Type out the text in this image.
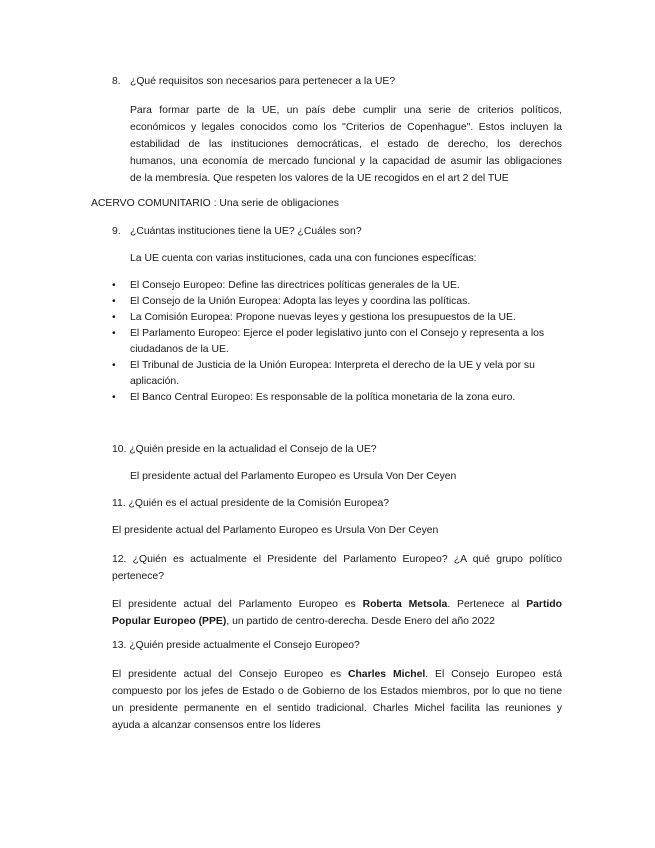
8. ¿Qué requisitos son necesarios para pertenecer a la UE?
Para formar parte de la UE, un país debe cumplir una serie de criterios políticos,
económicos y legales conocidos como los "Criterios de Copenhague". Estos incluyen la
estabilidad de las instituciones democráticas, el estado de derecho, los derechos
humanos, una economía de mercado funcional y la capacidad de asumir las obligaciones
de la membresía. Que respeten los valores de la UE recogidos en el art 2 del TUE
ACERVO COMUNITARIO : Una serie de obligaciones
9. ¿Cuántas instituciones tiene la UE? ¿Cuáles son?
La UE cuenta con varias instituciones, cada una con funciones específicas:
• El Consejo Europeo: Define las directrices políticas generales de la UE.
• El Consejo de la Unión Europea: Adopta las leyes y coordina las políticas.
• La Comisión Europea: Propone nuevas leyes y gestiona los presupuestos de la UE.
• El Parlamento Europeo: Ejerce el poder legislativo junto con el Consejo y representa a los ciudadanos de la UE.
• El Tribunal de Justicia de la Unión Europea: Interpreta el derecho de la UE y vela por su aplicación.
• El Banco Central Europeo: Es responsable de la política monetaria de la zona euro.
10. ¿Quién preside en la actualidad el Consejo de la UE?
El presidente actual del Parlamento Europeo es Ursula Von Der Ceyen
11. ¿Quién es el actual presidente de la Comisión Europea?
El presidente actual del Parlamento Europeo es Ursula Von Der Ceyen
12. ¿Quién es actualmente el Presidente del Parlamento Europeo? ¿A qué grupo político
pertenece?
El presidente actual del Parlamento Europeo es Roberta Metsola. Pertenece al Partido
Popular Europeo (PPE), un partido de centro-derecha. Desde Enero del año 2022
13. ¿Quién preside actualmente el Consejo Europeo?
El presidente actual del Consejo Europeo es Charles Michel. El Consejo Europeo está
compuesto por los jefes de Estado o de Gobierno de los Estados miembros, por lo que no tiene
un presidente permanente en el sentido tradicional. Charles Michel facilita las reuniones y
ayuda a alcanzar consensos entre los líderes
